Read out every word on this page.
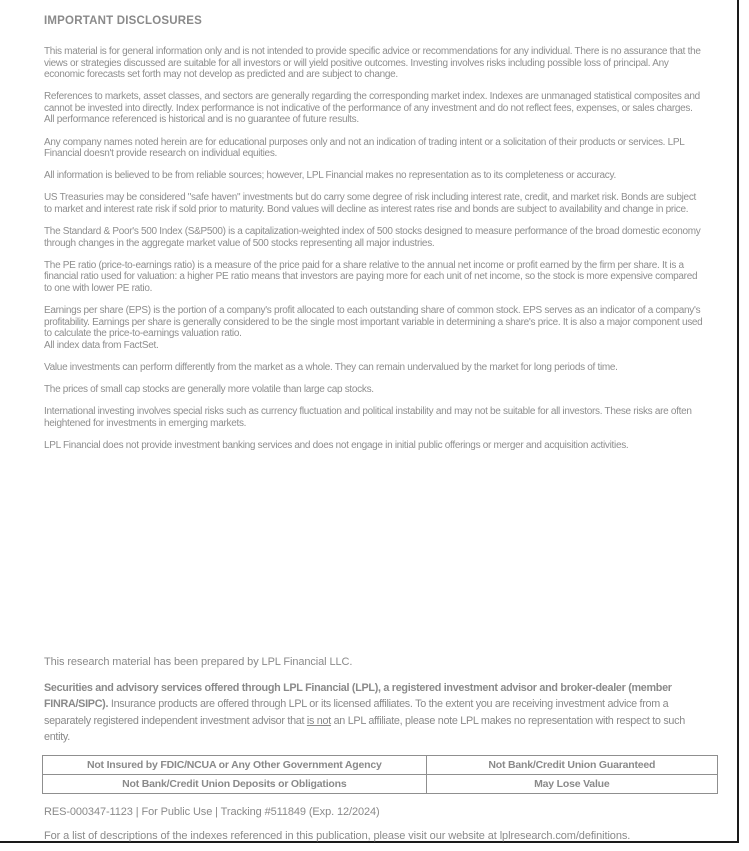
IMPORTANT DISCLOSURES

This material is for general information only and is not intended to provide specific advice or recommendations for any individual. There is no assurance that the views or strategies discussed are suitable for all investors or will yield positive outcomes. Investing involves risks including possible loss of principal. Any economic forecasts set forth may not develop as predicted and are subject to change.

References to markets, asset classes, and sectors are generally regarding the corresponding market index. Indexes are unmanaged statistical composites and cannot be invested into directly. Index performance is not indicative of the performance of any investment and do not reflect fees, expenses, or sales charges. All performance referenced is historical and is no guarantee of future results.

Any company names noted herein are for educational purposes only and not an indication of trading intent or a solicitation of their products or services. LPL Financial doesn't provide research on individual equities.

All information is believed to be from reliable sources; however, LPL Financial makes no representation as to its completeness or accuracy.

US Treasuries may be considered "safe haven" investments but do carry some degree of risk including interest rate, credit, and market risk. Bonds are subject to market and interest rate risk if sold prior to maturity. Bond values will decline as interest rates rise and bonds are subject to availability and change in price.

The Standard & Poor's 500 Index (S&P500) is a capitalization-weighted index of 500 stocks designed to measure performance of the broad domestic economy through changes in the aggregate market value of 500 stocks representing all major industries.

The PE ratio (price-to-earnings ratio) is a measure of the price paid for a share relative to the annual net income or profit earned by the firm per share. It is a financial ratio used for valuation: a higher PE ratio means that investors are paying more for each unit of net income, so the stock is more expensive compared to one with lower PE ratio.

Earnings per share (EPS) is the portion of a company's profit allocated to each outstanding share of common stock. EPS serves as an indicator of a company's profitability. Earnings per share is generally considered to be the single most important variable in determining a share's price. It is also a major component used to calculate the price-to-earnings valuation ratio.

All index data from FactSet.

Value investments can perform differently from the market as a whole. They can remain undervalued by the market for long periods of time.

The prices of small cap stocks are generally more volatile than large cap stocks.

International investing involves special risks such as currency fluctuation and political instability and may not be suitable for all investors. These risks are often heightened for investments in emerging markets.

LPL Financial does not provide investment banking services and does not engage in initial public offerings or merger and acquisition activities.

This research material has been prepared by LPL Financial LLC.

Securities and advisory services offered through LPL Financial (LPL), a registered investment advisor and broker-dealer (member FINRA/SIPC). Insurance products are offered through LPL or its licensed affiliates. To the extent you are receiving investment advice from a separately registered independent investment advisor that is not an LPL affiliate, please note LPL makes no representation with respect to such entity.

Not Insured by FDIC/NCUA or Any Other Government Agency	Not Bank/Credit Union Guaranteed
Not Bank/Credit Union Deposits or Obligations	May Lose Value

RES-000347-1123 | For Public Use | Tracking #511849 (Exp. 12/2024)

For a list of descriptions of the indexes referenced in this publication, please visit our website at lplresearch.com/definitions.
